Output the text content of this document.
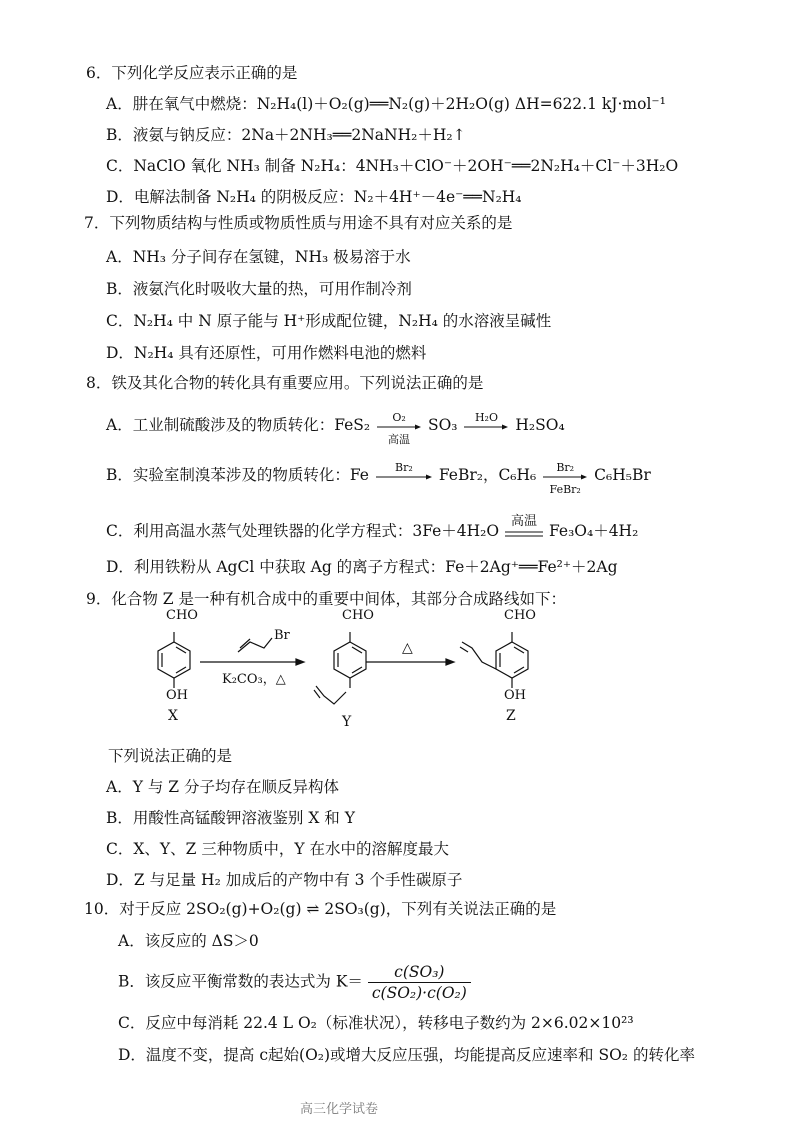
6．下列化学反应表示正确的是
A．肼在氧气中燃烧：N₂H₄(l)＋O₂(g)══N₂(g)＋2H₂O(g) ΔH=622.1 kJ·mol⁻¹
B．液氨与钠反应：2Na＋2NH₃══2NaNH₂＋H₂↑
C．NaClO 氧化 NH₃ 制备 N₂H₄：4NH₃＋ClO⁻＋2OH⁻══2N₂H₄＋Cl⁻＋3H₂O
D．电解法制备 N₂H₄ 的阴极反应：N₂＋4H⁺－4e⁻══N₂H₄
7．下列物质结构与性质或物质性质与用途不具有对应关系的是
A．NH₃ 分子间存在氢键，NH₃ 极易溶于水
B．液氨汽化时吸收大量的热，可用作制冷剂
C．N₂H₄ 中 N 原子能与 H⁺形成配位键，N₂H₄ 的水溶液呈碱性
D．N₂H₄ 具有还原性，可用作燃料电池的燃料
8．铁及其化合物的转化具有重要应用。下列说法正确的是
A．工业制硫酸涉及的物质转化：FeS₂	O₂
高温
SO₃	H₂O	H₂SO₄
B．实验室制溴苯涉及的物质转化：Fe	Br₂	FeBr₂，C₆H₆	Br₂
FeBr₂
C₆H₅Br
C．利用高温水蒸气处理铁器的化学方程式：3Fe＋4H₂O
高温
Fe₃O₄＋4H₂
D．利用铁粉从 AgCl 中获取 Ag 的离子方程式：Fe＋2Ag⁺══Fe²⁺＋2Ag
9．化合物 Z 是一种有机合成中的重要中间体，其部分合成路线如下：
CHO
OH
X
Br
K₂CO₃，△
CHO
Y
△
CHO
OH
Z
下列说法正确的是
A．Y 与 Z 分子均存在顺反异构体
B．用酸性高锰酸钾溶液鉴别 X 和 Y
C．X、Y、Z 三种物质中，Y 在水中的溶解度最大
D．Z 与足量 H₂ 加成后的产物中有 3 个手性碳原子
10．对于反应 2SO₂(g)+O₂(g) ⇌ 2SO₃(g)，下列有关说法正确的是
A．该反应的 ΔS＞0
B．该反应平衡常数的表达式为 $K= \frac{\text{c(SO₃)}}{\text{c(SO₂)·c(O₂)}}$
C．反应中每消耗 22.4 L O₂（标准状况），转移电子数约为 2×6.02×10²³
D．温度不变，提高 c起始(O₂)或增大反应压强，均能提高反应速率和 SO₂ 的转化率
高三化学试卷
